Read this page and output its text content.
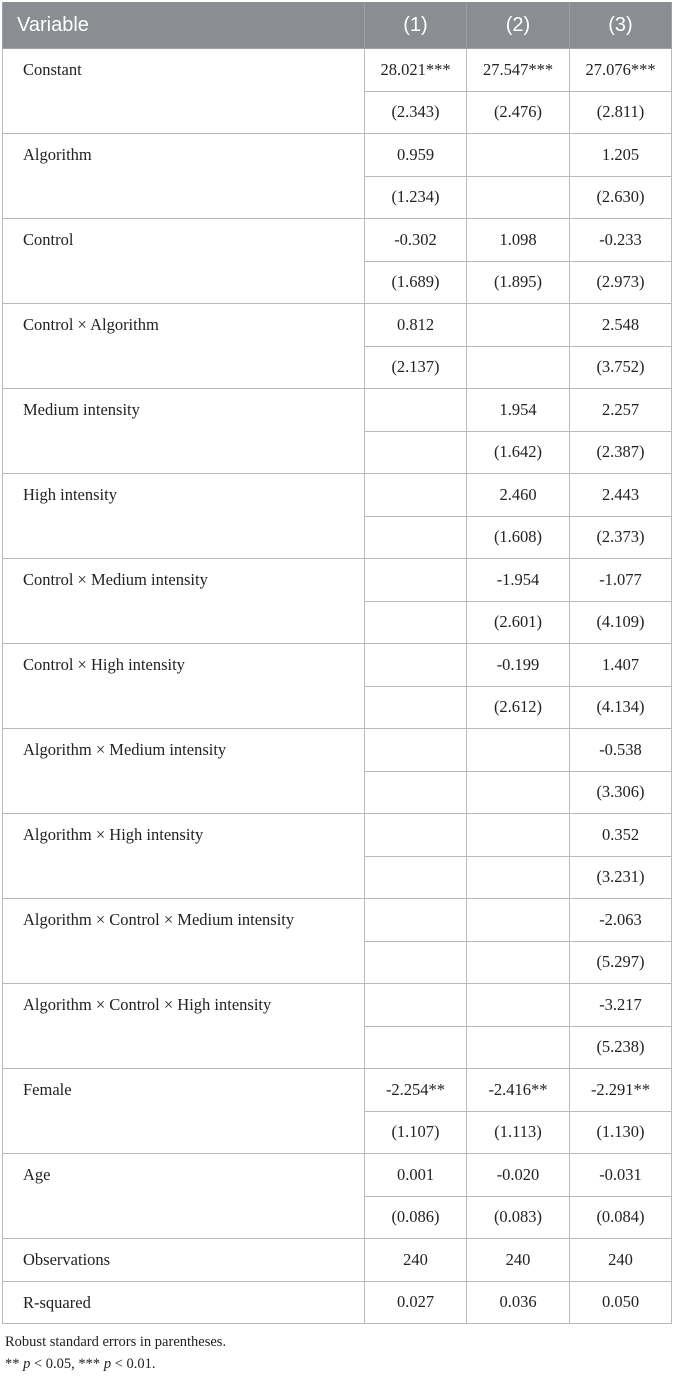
Variable	(1)	(2)	(3)
Constant	28.021***	27.547***	27.076***
	(2.343)	(2.476)	(2.811)
Algorithm	0.959		1.205
	(1.234)		(2.630)
Control	-0.302	1.098	-0.233
	(1.689)	(1.895)	(2.973)
Control × Algorithm	0.812		2.548
	(2.137)		(3.752)
Medium intensity		1.954	2.257
		(1.642)	(2.387)
High intensity		2.460	2.443
		(1.608)	(2.373)
Control × Medium intensity		-1.954	-1.077
		(2.601)	(4.109)
Control × High intensity		-0.199	1.407
		(2.612)	(4.134)
Algorithm × Medium intensity			-0.538
			(3.306)
Algorithm × High intensity			0.352
			(3.231)
Algorithm × Control × Medium intensity			-2.063
			(5.297)
Algorithm × Control × High intensity			-3.217
			(5.238)
Female	-2.254**	-2.416**	-2.291**
	(1.107)	(1.113)	(1.130)
Age	0.001	-0.020	-0.031
	(0.086)	(0.083)	(0.084)
Observations	240	240	240
R-squared	0.027	0.036	0.050
Robust standard errors in parentheses.
** p < 0.05, *** p < 0.01.
